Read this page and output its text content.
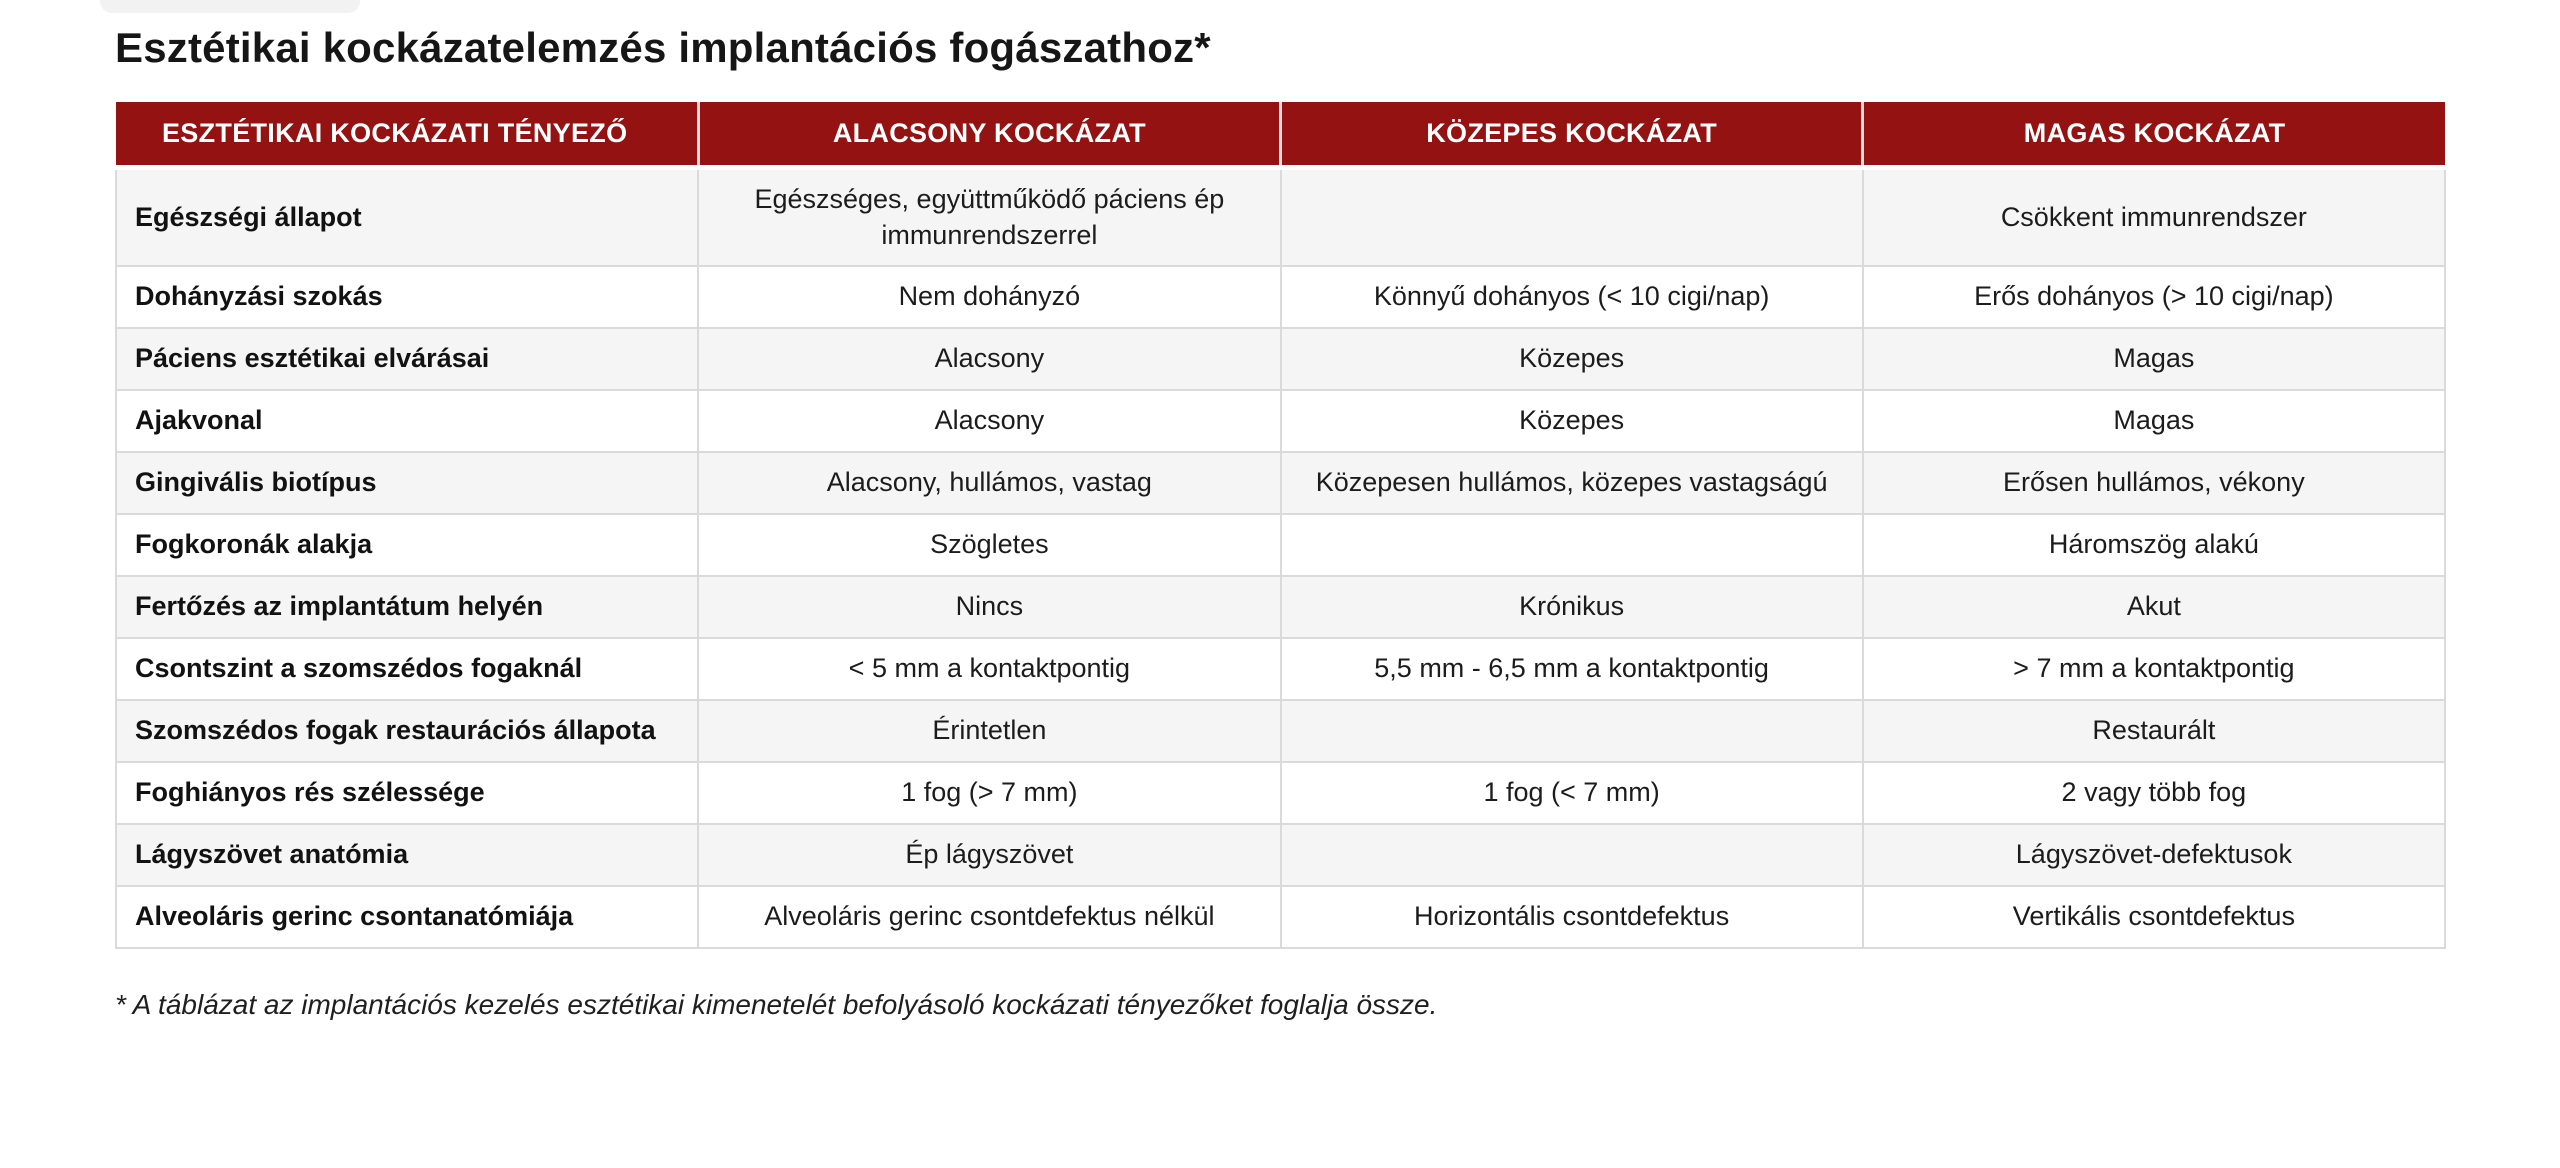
Esztétikai kockázatelemzés implantációs fogászathoz*
ESZTÉTIKAI KOCKÁZATI TÉNYEZŐ	ALACSONY KOCKÁZAT	KÖZEPES KOCKÁZAT	MAGAS KOCKÁZAT
Egészségi állapot	Egészséges, együttműködő páciens ép immunrendszerrel		Csökkent immunrendszer
Dohányzási szokás	Nem dohányzó	Könnyű dohányos (< 10 cigi/nap)	Erős dohányos (> 10 cigi/nap)
Páciens esztétikai elvárásai	Alacsony	Közepes	Magas
Ajakvonal	Alacsony	Közepes	Magas
Gingivális biotípus	Alacsony, hullámos, vastag	Közepesen hullámos, közepes vastagságú	Erősen hullámos, vékony
Fogkoronák alakja	Szögletes		Háromszög alakú
Fertőzés az implantátum helyén	Nincs	Krónikus	Akut
Csontszint a szomszédos fogaknál	< 5 mm a kontaktpontig	5,5 mm - 6,5 mm a kontaktpontig	> 7 mm a kontaktpontig
Szomszédos fogak restaurációs állapota	Érintetlen		Restaurált
Foghiányos rés szélessége	1 fog (> 7 mm)	1 fog (< 7 mm)	2 vagy több fog
Lágyszövet anatómia	Ép lágyszövet		Lágyszövet-defektusok
Alveoláris gerinc csontanatómiája	Alveoláris gerinc csontdefektus nélkül	Horizontális csontdefektus	Vertikális csontdefektus
* A táblázat az implantációs kezelés esztétikai kimenetelét befolyásoló kockázati tényezőket foglalja össze.
